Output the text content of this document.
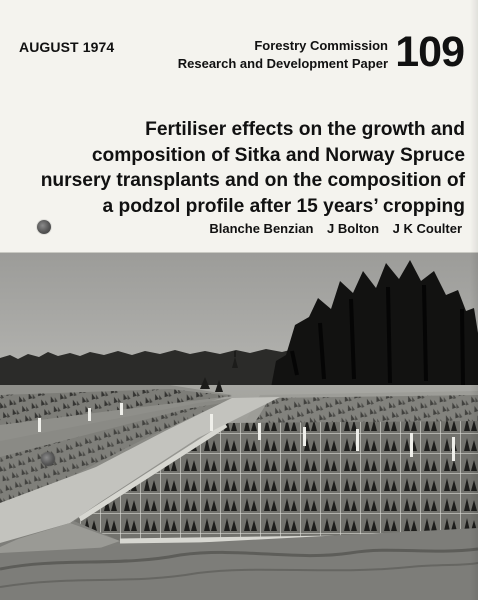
AUGUST 1974	Forestry Commission
Research and Development Paper 109
Fertiliser effects on the growth and
composition of Sitka and Norway Spruce
nursery transplants and on the composition of
a podzol profile after 15 years’ cropping
Blanche Benzian J Bolton J K Coulter
